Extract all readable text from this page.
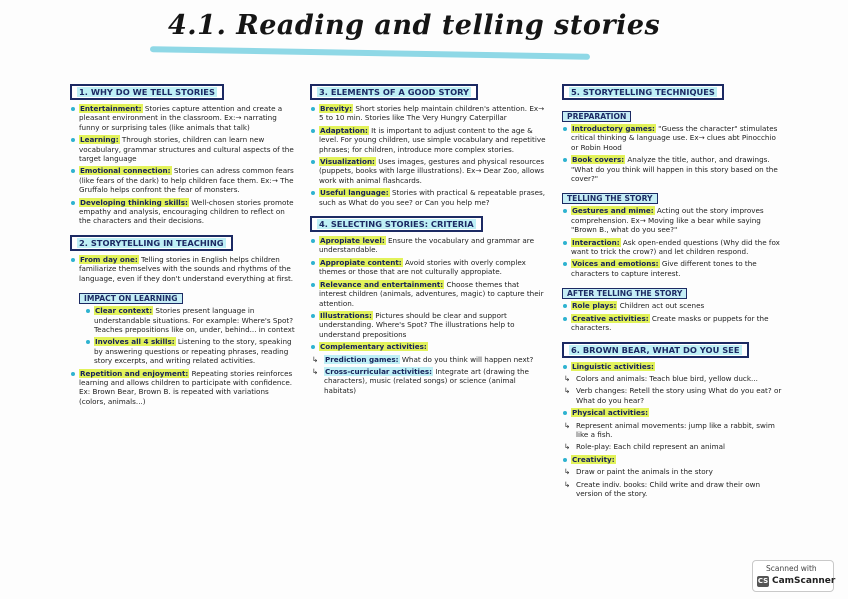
4.1. Reading and telling stories
1. WHY DO WE TELL STORIES
Entertainment: Stories capture attention and create a pleasant environment in the classroom. Ex:→ narrating funny or surprising tales (like animals that talk)
Learning: Through stories, children can learn new vocabulary, grammar structures and cultural aspects of the target language
Emotional connection: Stories can adress common fears (like fears of the dark) to help children face them. Ex:→ The Gruffalo helps confront the fear of monsters.
Developing thinking skills: Well-chosen stories promote empathy and analysis, encouraging children to reflect on the characters and their decisions.
2. STORYTELLING IN TEACHING
From day one: Telling stories in English helps children familiarize themselves with the sounds and rhythms of the language, even if they don't understand everything at first.
IMPACT ON LEARNING
Clear context: Stories present language in understandable situations. For example: Where's Spot? Teaches prepositions like on, under, behind... in context
Involves all 4 skills: Listening to the story, speaking by answering questions or repeating phrases, reading story excerpts, and writing related activities.
Repetition and enjoyment: Repeating stories reinforces learning and allows children to participate with confidence. Ex: Brown Bear, Brown B. is repeated with variations (colors, animals...)
3. ELEMENTS OF A GOOD STORY
Brevity: Short stories help maintain children's attention. Ex→ 5 to 10 min. Stories like The Very Hungry Caterpillar
Adaptation: It is important to adjust content to the age & level. For young children, use simple vocabulary and repetitive phrases; for children, introduce more complex stories.
Visualization: Uses images, gestures and physical resources (puppets, books with large illustrations). Ex→ Dear Zoo, allows work with animal flashcards.
Useful language: Stories with practical & repeatable prases, such as What do you see? or Can you help me?
4. SELECTING STORIES: CRITERIA
Apropiate level: Ensure the vocabulary and grammar are understandable.
Appropiate content: Avoid stories with overly complex themes or those that are not culturally appropiate.
Relevance and entertainment: Choose themes that interest children (animals, adventures, magic) to capture their attention.
Illustrations: Pictures should be clear and support understanding. Where's Spot? The illustrations help to understand prepositions
Complementary activities:
↳ Prediction games: What do you think will happen next?
↳ Cross-curricular activities: Integrate art (drawing the characters), music (related songs) or science (animal habitats)
5. STORYTELLING TECHNIQUES
PREPARATION
Introductory games: "Guess the character" stimulates critical thinking & language use. Ex→ clues abt Pinocchio or Robin Hood
Book covers: Analyze the title, author, and drawings. "What do you think will happen in this story based on the cover?"
TELLING THE STORY
Gestures and mime: Acting out the story improves comprehension. Ex→ Moving like a bear while saying "Brown B., what do you see?"
Interaction: Ask open-ended questions (Why did the fox want to trick the crow?) and let children respond.
Voices and emotions: Give different tones to the characters to capture interest.
AFTER TELLING THE STORY
Role plays: Children act out scenes
Creative activities: Create masks or puppets for the characters.
6. BROWN BEAR, WHAT DO YOU SEE
Linguistic activities:
↳ Colors and animals: Teach blue bird, yellow duck...
↳ Verb changes: Retell the story using What do you eat? or What do you hear?
Physical activities:
↳ Represent animal movements: jump like a rabbit, swim like a fish.
↳ Role-play: Each child represent an animal
Creativity:
↳ Draw or paint the animals in the story
↳ Create indiv. books: Child write and draw their own version of the story.
Scanned with
CS CamScanner
